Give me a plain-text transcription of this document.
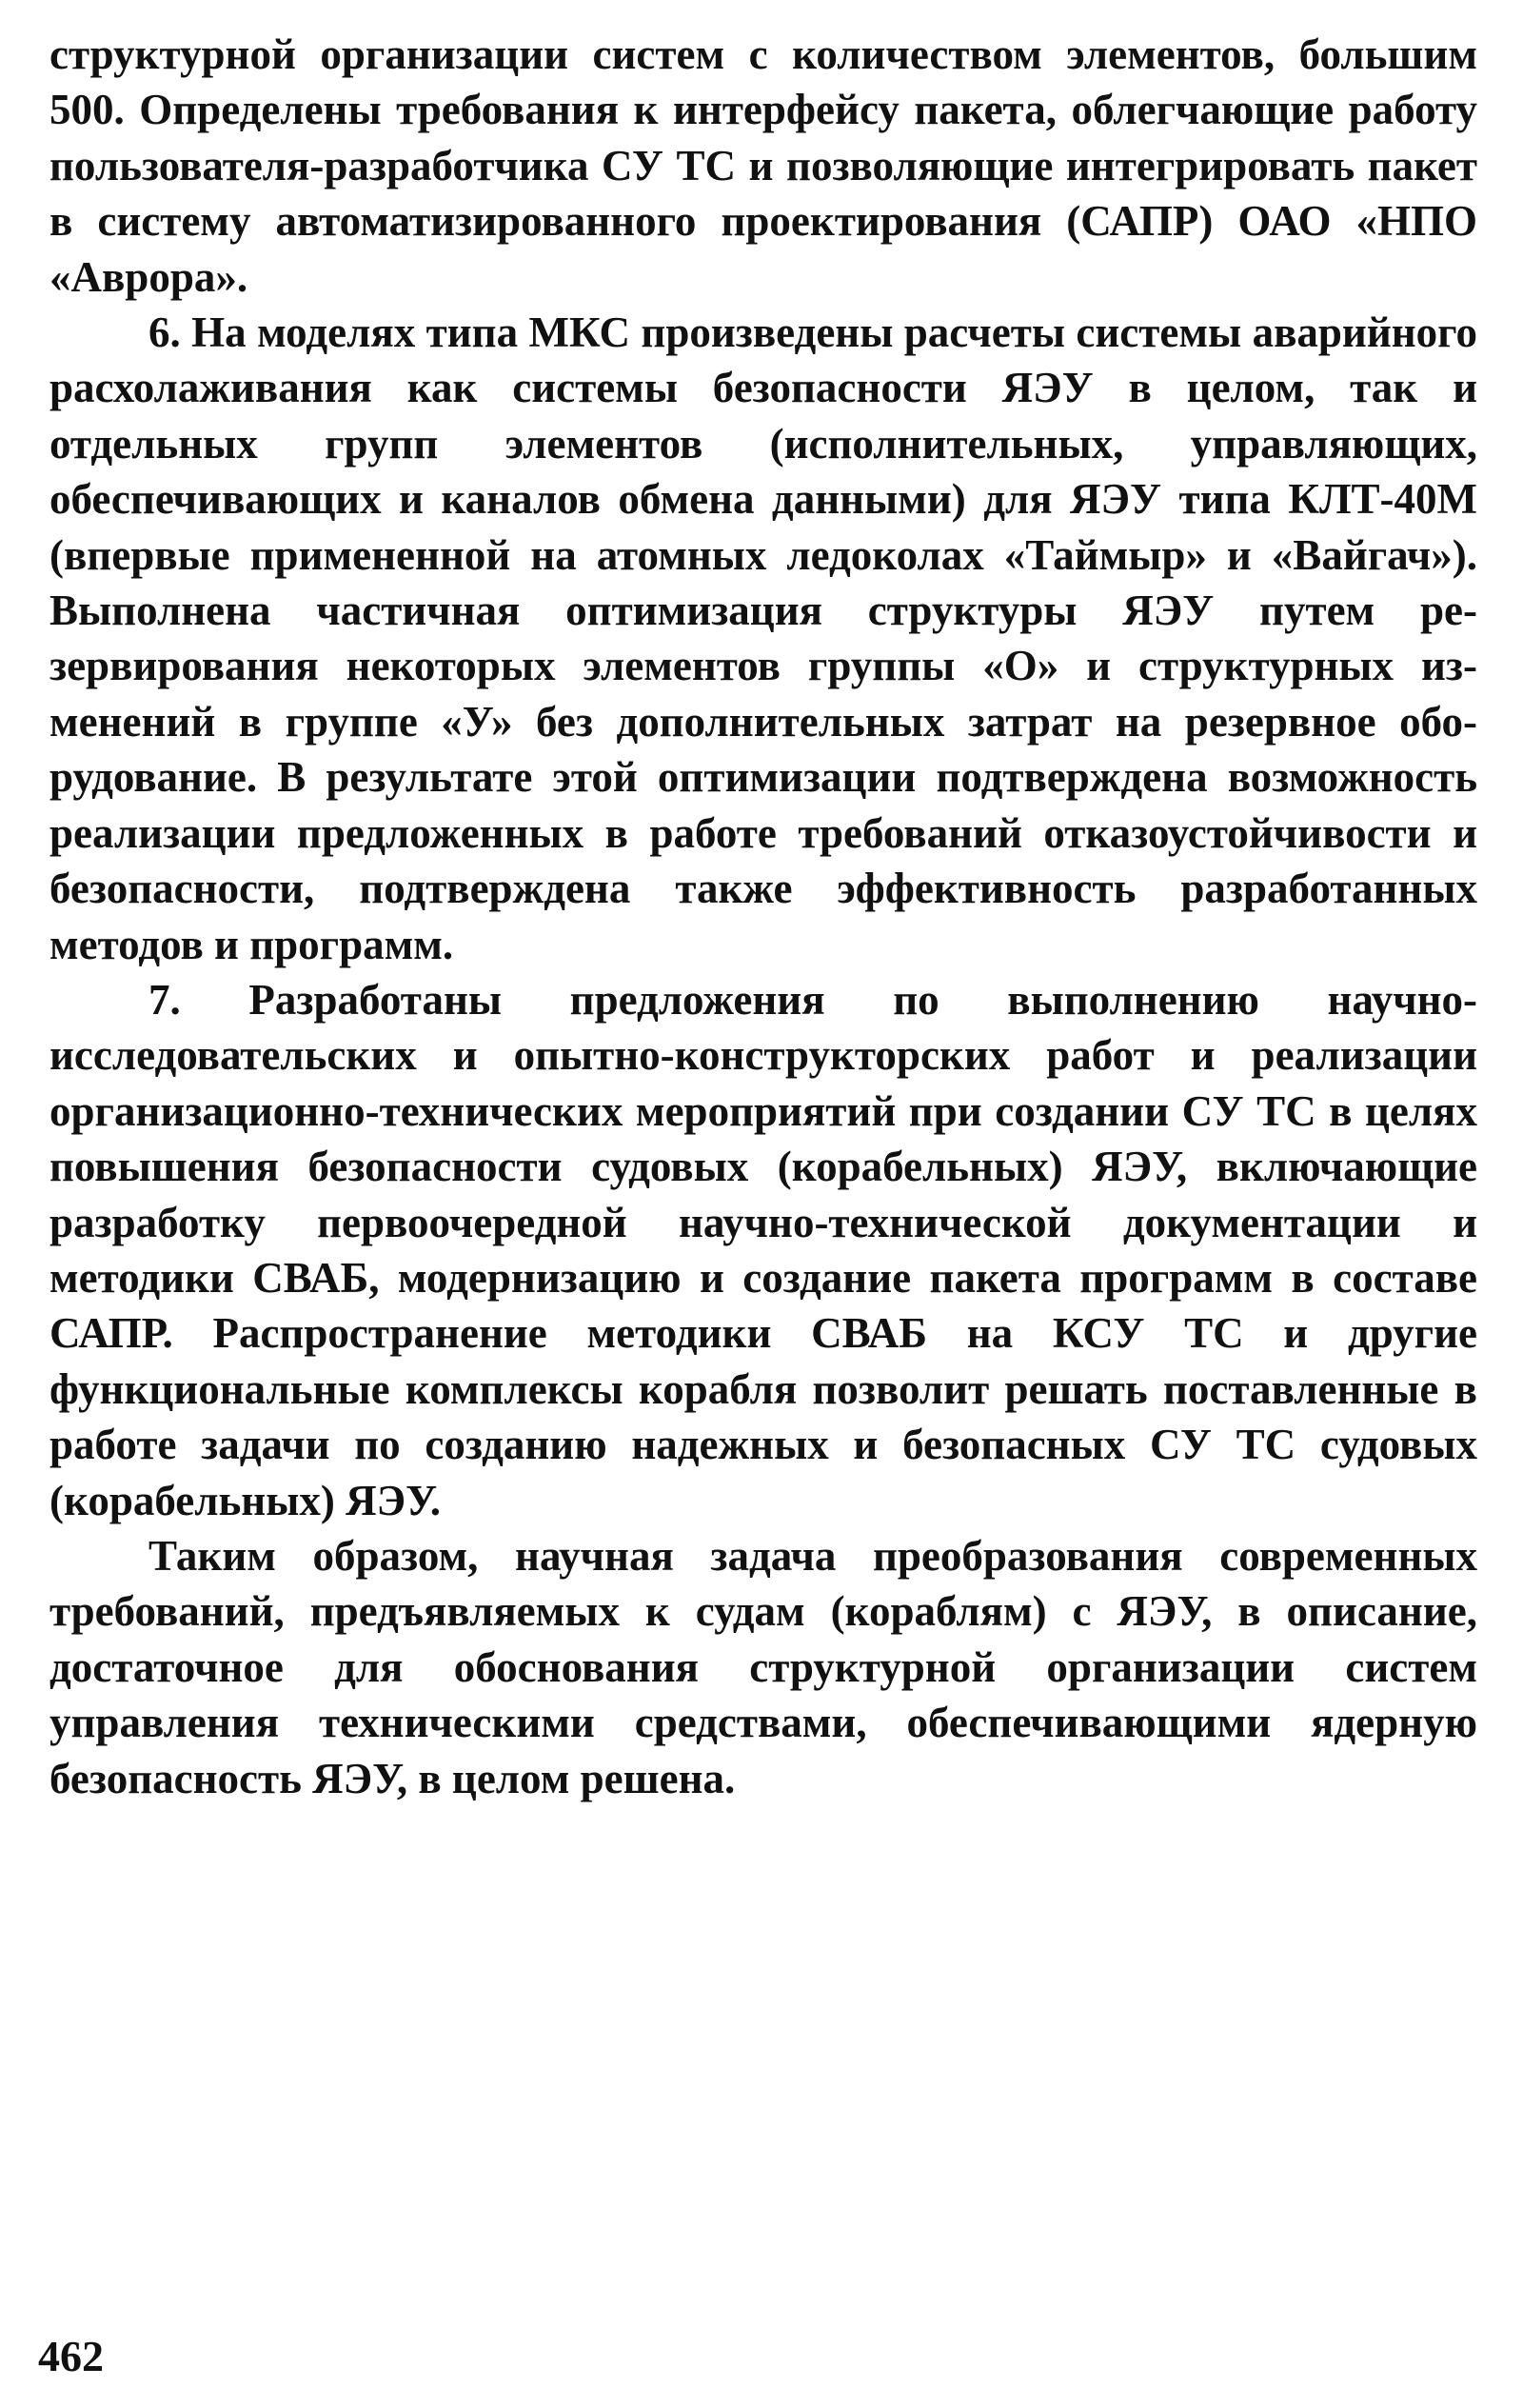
структурной организации систем с количеством элементов, большим 500. Определены требования к интерфейсу пакета, облегчающие работу пользователя-разработчика СУ ТС и позволяющие интегрировать пакет в систему автоматизированного проектирования (САПР) ОАО «НПО «Аврора».

6. На моделях типа МКС произведены расчеты системы аварийного расхолаживания как системы безопасности ЯЭУ в целом, так и отдельных групп элементов (исполнительных, управляющих, обеспечивающих и каналов обмена данными) для ЯЭУ типа КЛТ-40М (впервые примененной на атомных ледоколах «Таймыр» и «Вайгач»). Выполнена частичная оптимизация структуры ЯЭУ путем резервирования некоторых элементов группы «О» и структурных изменений в группе «У» без дополнительных затрат на резервное оборудование. В результате этой оптимизации подтверждена возможность реализации предложенных в работе требований отказоустойчивости и безопасности, подтверждена также эффективность разработанных методов и программ.

7. Разработаны предложения по выполнению научно-исследовательских и опытно-конструкторских работ и реализации организационно-технических мероприятий при создании СУ ТС в целях повышения безопасности судовых (корабельных) ЯЭУ, включающие разработку первоочередной научно-технической документации и методики СВАБ, модернизацию и создание пакета программ в составе САПР. Распространение методики СВАБ на КСУ ТС и другие функциональные комплексы корабля позволит решать поставленные в работе задачи по созданию надежных и безопасных СУ ТС судовых (корабельных) ЯЭУ.

Таким образом, научная задача преобразования современных требований, предъявляемых к судам (кораблям) с ЯЭУ, в описание, достаточное для обоснования структурной организации систем управления техническими средствами, обеспечивающими ядерную безопасность ЯЭУ, в целом решена.

462
